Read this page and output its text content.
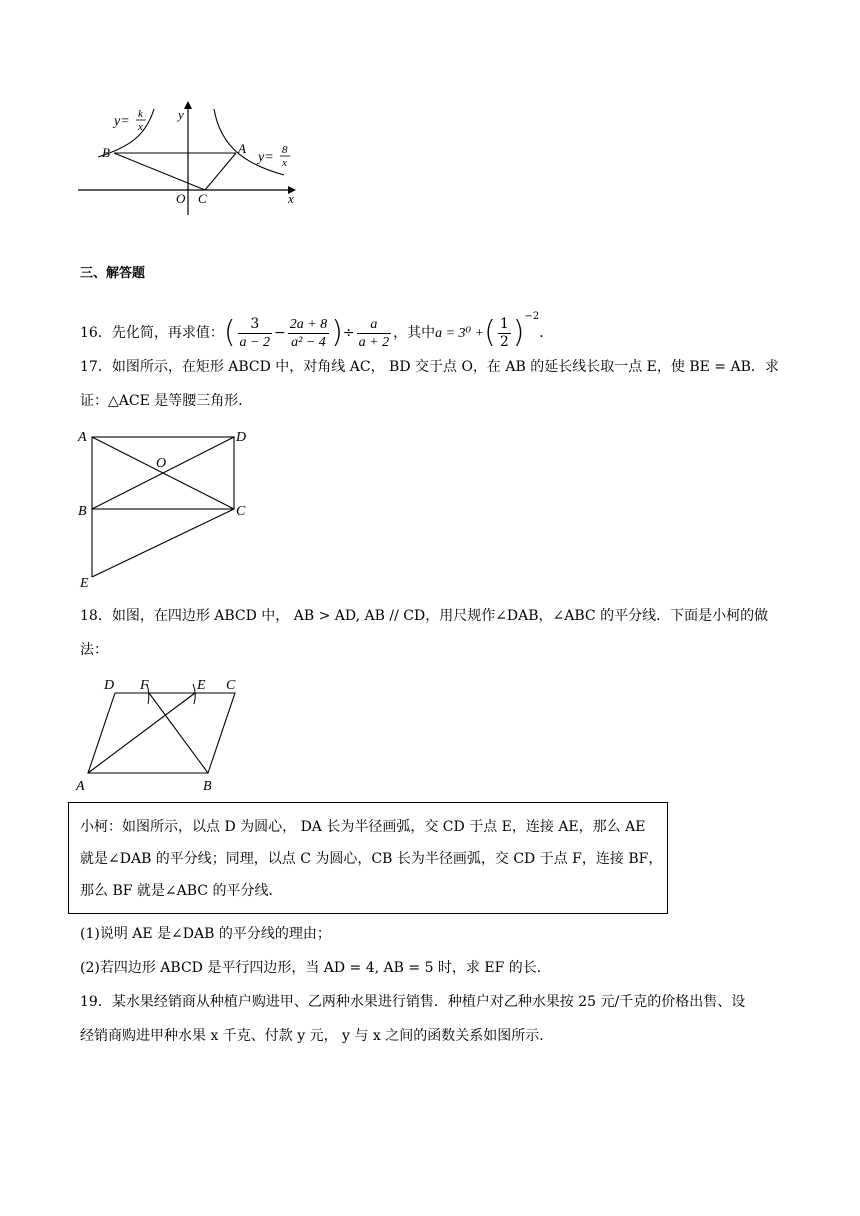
y= k
x
y= 8
x
y
x
B	A
O C
三、解答题
16．先化简，再求值：( $\frac{3}{a - 2} - \frac{2a + 8}{\text{a² − 4}}$ )÷ $\frac{a}{a + 2}$ ，其中a = 3⁰ +( $\frac{1}{2} )^{-2}$．
17．如图所示，在矩形 ABCD 中，对角线 AC， BD 交于点 O，在 AB 的延长线长取一点 E，使 BE = AB．求
证：△ACE 是等腰三角形．
A	D
O
B	C
E
18．如图，在四边形 ABCD 中， AB > AD, AB // CD，用尺规作∠DAB，∠ABC 的平分线．下面是小柯的做
法：
D F	E C
A	B
小柯：如图所示，以点 D 为圆心， DA 长为半径画弧，交 CD 于点 E，连接 AE，那么 AE
就是∠DAB 的平分线；同理，以点 C 为圆心，CB 长为半径画弧，交 CD 于点 F，连接 BF，
那么 BF 就是∠ABC 的平分线．
(1)说明 AE 是∠DAB 的平分线的理由；
(2)若四边形 ABCD 是平行四边形，当 AD = 4, AB = 5 时，求 EF 的长．
19．某水果经销商从种植户购进甲、乙两种水果进行销售．种植户对乙种水果按 25 元/千克的价格出售、设
经销商购进甲种水果 x 千克、付款 y 元， y 与 x 之间的函数关系如图所示．
